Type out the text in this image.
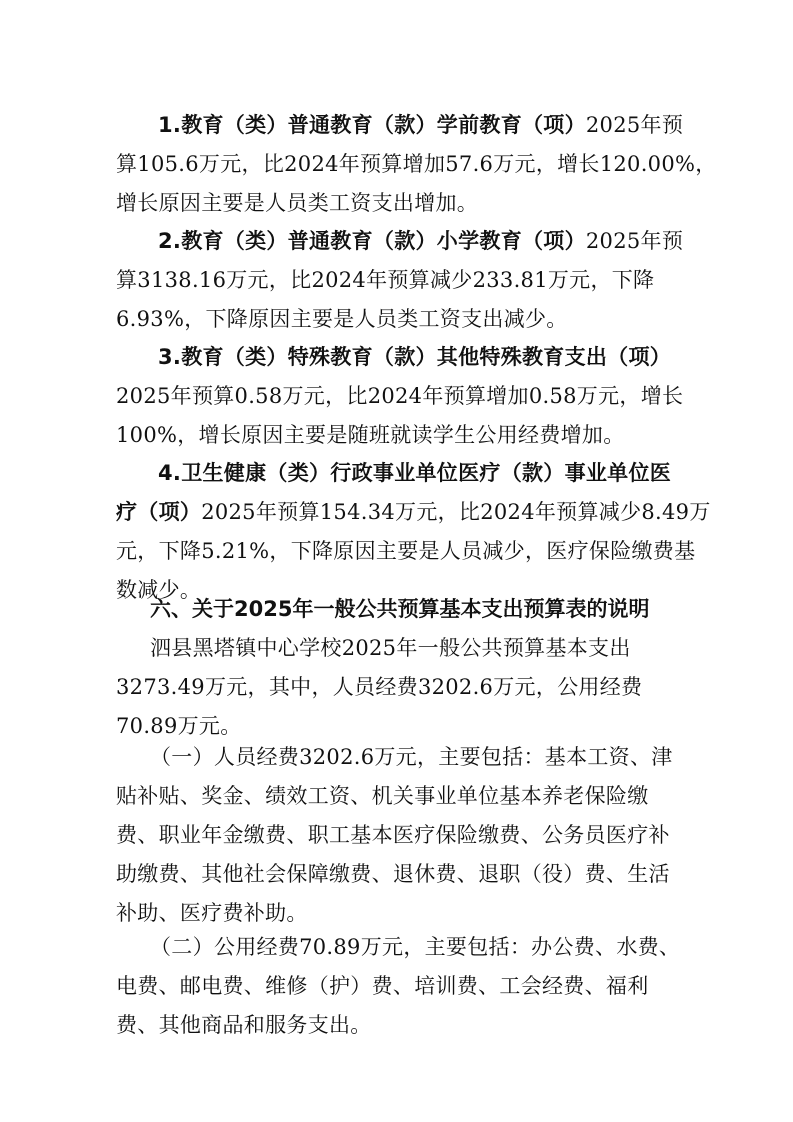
1.教育（类）普通教育（款）学前教育（项）2025年预
算105.6万元，比2024年预算增加57.6万元，增长120.00%，
增长原因主要是人员类工资支出增加。
2.教育（类）普通教育（款）小学教育（项）2025年预
算3138.16万元，比2024年预算减少233.81万元，下降
6.93%，下降原因主要是人员类工资支出减少。
3.教育（类）特殊教育（款）其他特殊教育支出（项）
2025年预算0.58万元，比2024年预算增加0.58万元，增长
100%，增长原因主要是随班就读学生公用经费增加。
4.卫生健康（类）行政事业单位医疗（款）事业单位医
疗（项）2025年预算154.34万元，比2024年预算减少8.49万
元，下降5.21%，下降原因主要是人员减少，医疗保险缴费基
数减少。
六、关于2025年一般公共预算基本支出预算表的说明
泗县黑塔镇中心学校2025年一般公共预算基本支出
3273.49万元，其中，人员经费3202.6万元，公用经费
70.89万元。
（一）人员经费3202.6万元，主要包括：基本工资、津
贴补贴、奖金、绩效工资、机关事业单位基本养老保险缴
费、职业年金缴费、职工基本医疗保险缴费、公务员医疗补
助缴费、其他社会保障缴费、退休费、退职（役）费、生活
补助、医疗费补助。
（二）公用经费70.89万元，主要包括：办公费、水费、
电费、邮电费、维修（护）费、培训费、工会经费、福利
费、其他商品和服务支出。
